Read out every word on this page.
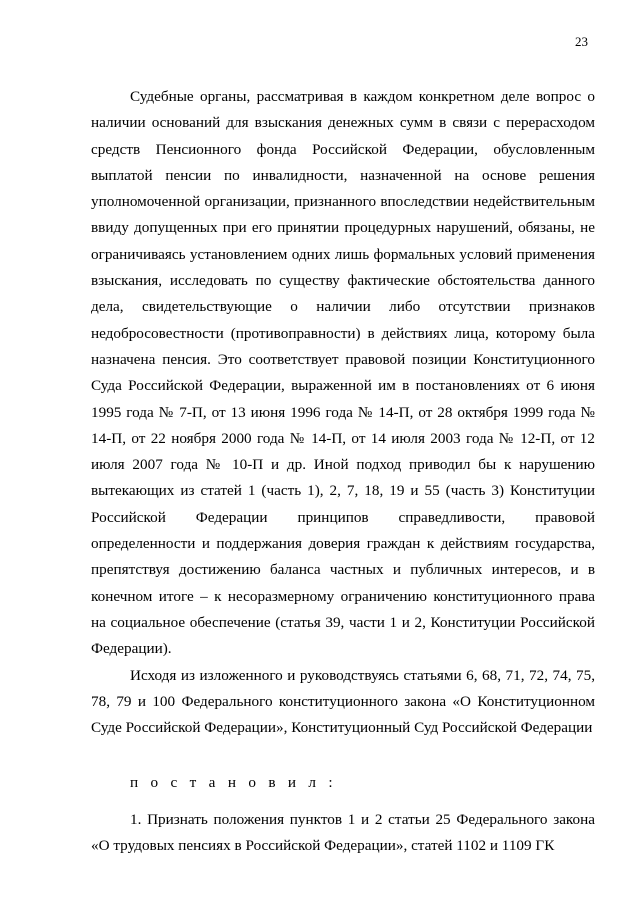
23

Судебные органы, рассматривая в каждом конкретном деле вопрос о наличии оснований для взыскания денежных сумм в связи с перерасходом средств Пенсионного фонда Российской Федерации, обусловленным выплатой пенсии по инвалидности, назначенной на основе решения уполномоченной организации, признанного впоследствии недействительным ввиду допущенных при его принятии процедурных нарушений, обязаны, не ограничиваясь установлением одних лишь формальных условий применения взыскания, исследовать по существу фактические обстоятельства данного дела, свидетельствующие о наличии либо отсутствии признаков недобросовестности (противоправности) в действиях лица, которому была назначена пенсия. Это соответствует правовой позиции Конституционного Суда Российской Федерации, выраженной им в постановлениях от 6 июня 1995 года № 7-П, от 13 июня 1996 года № 14-П, от 28 октября 1999 года № 14-П, от 22 ноября 2000 года № 14-П, от 14 июля 2003 года № 12-П, от 12 июля 2007 года № 10-П и др. Иной подход приводил бы к нарушению вытекающих из статей 1 (часть 1), 2, 7, 18, 19 и 55 (часть 3) Конституции Российской Федерации принципов справедливости, правовой определенности и поддержания доверия граждан к действиям государства, препятствуя достижению баланса частных и публичных интересов, и в конечном итоге – к несоразмерному ограничению конституционного права на социальное обеспечение (статья 39, части 1 и 2, Конституции Российской Федерации).

Исходя из изложенного и руководствуясь статьями 6, 68, 71, 72, 74, 75, 78, 79 и 100 Федерального конституционного закона «О Конституционном Суде Российской Федерации», Конституционный Суд Российской Федерации

п о с т а н о в и л :

1. Признать положения пунктов 1 и 2 статьи 25 Федерального закона «О трудовых пенсиях в Российской Федерации», статей 1102 и 1109 ГК
